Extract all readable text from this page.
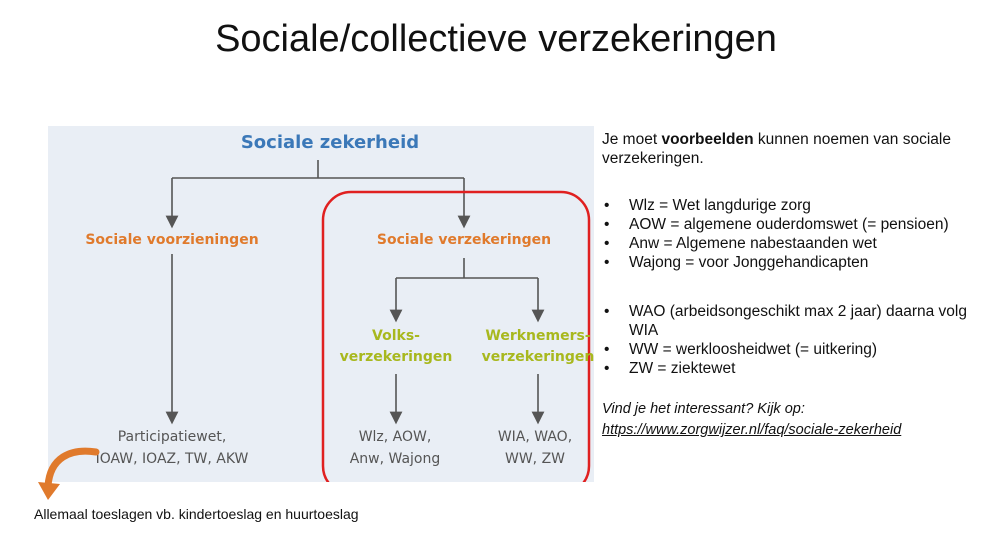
Sociale/collectieve verzekeringen
Sociale zekerheid
Sociale voorzieningen	Sociale verzekeringen
Volks-
verzekeringen
Werknemers-
verzekeringen
Participatiewet,
IOAW, IOAZ, TW, AKW
Wlz, AOW,
Anw, Wajong
WIA, WAO,
WW, ZW

Je moet voorbeelden kunnen noemen van sociale verzekeringen.

• Wlz = Wet langdurige zorg
• AOW = algemene ouderdomswet (= pensioen)
• Anw = Algemene nabestaanden wet
• Wajong = voor Jonggehandicapten
• WAO (arbeidsongeschikt max 2 jaar) daarna volg WIA
• WW = werkloosheidwet (= uitkering)
• ZW = ziektewet
Vind je het interessant? Kijk op:
https://www.zorgwijzer.nl/faq/sociale-zekerheid
Allemaal toeslagen vb. kindertoeslag en huurtoeslag
